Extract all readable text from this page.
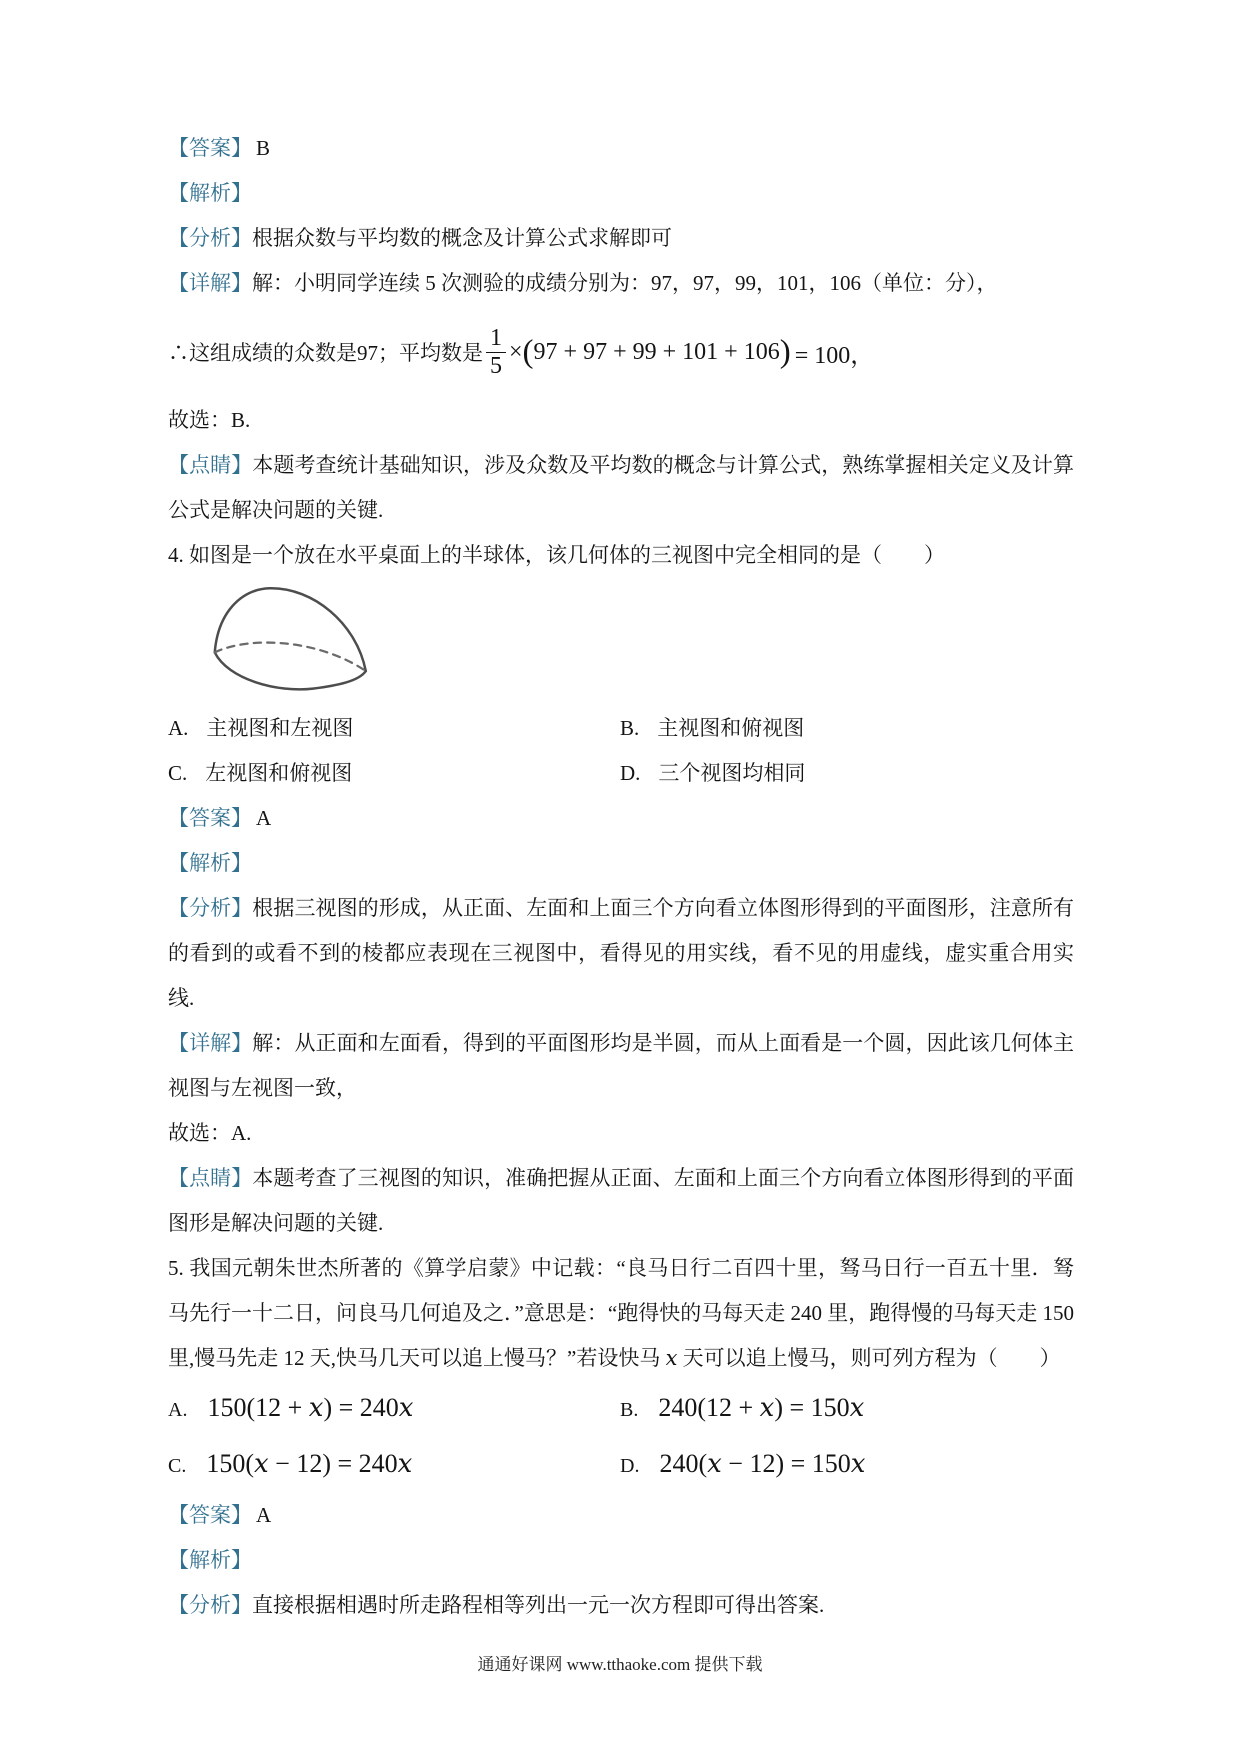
【答案】 B

【解析】

【分析】根据众数与平均数的概念及计算公式求解即可

【详解】解：小明同学连续 5 次测验的成绩分别为：97，97，99，101，106（单位：分），

∴这组成绩的众数是97；平均数是 $\frac{1}{5}$ × ( 97 + 97 + 99 + 101 + 106 ) = 100，

故选：B.

【点睛】本题考查统计基础知识，涉及众数及平均数的概念与计算公式，熟练掌握相关定义及计算公式是解决问题的关键.

4. 如图是一个放在水平桌面上的半球体，该几何体的三视图中完全相同的是（　　）

A. 主视图和左视图	B. 主视图和俯视图
C. 左视图和俯视图	D. 三个视图均相同

【答案】 A

【解析】

【分析】根据三视图的形成，从正面、左面和上面三个方向看立体图形得到的平面图形，注意所有的看到的或看不到的棱都应表现在三视图中，看得见的用实线，看不见的用虚线，虚实重合用实线.

【详解】解：从正面和左面看，得到的平面图形均是半圆，而从上面看是一个圆，因此该几何体主视图与左视图一致，

故选：A.

【点睛】本题考查了三视图的知识，准确把握从正面、左面和上面三个方向看立体图形得到的平面图形是解决问题的关键.

5. 我国元朝朱世杰所著的《算学启蒙》中记载：“良马日行二百四十里，驽马日行一百五十里．驽马先行一十二日，问良马几何追及之．”意思是：“跑得快的马每天走 240 里，跑得慢的马每天走 150 里,慢马先走 12 天,快马几天可以追上慢马？”若设快马 𝑥 天可以追上慢马，则可列方程为（　　）

A. 150(12 + 𝑥) = 240𝑥	B. 240(12 + 𝑥) = 150𝑥
C. 150(𝑥 − 12) = 240𝑥	D. 240(𝑥 − 12) = 150𝑥

【答案】 A

【解析】

【分析】直接根据相遇时所走路程相等列出一元一次方程即可得出答案.

通通好课网 www.tthaoke.com 提供下载
